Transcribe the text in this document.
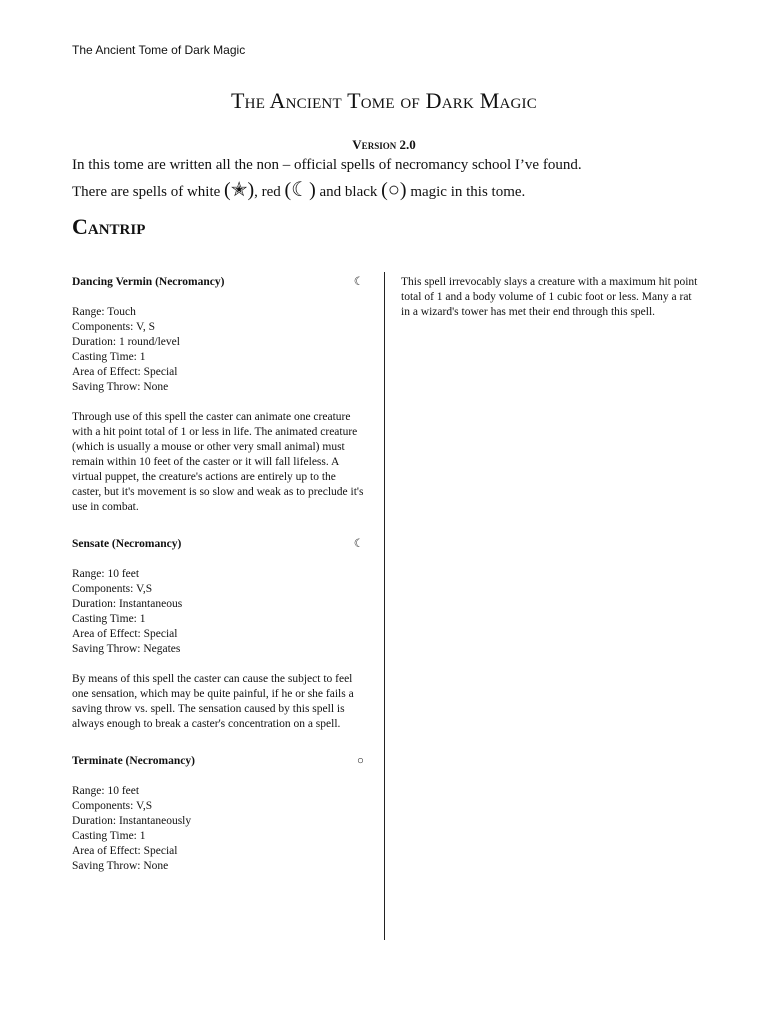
The Ancient Tome of Dark Magic
The Ancient Tome of Dark Magic
Version 2.0
In this tome are written all the non – official spells of necromancy school I’ve found.
There are spells of white (✭), red (☾) and black (○) magic in this tome.
Cantrip
Dancing Vermin (Necromancy)	☾
Range: Touch
Components: V, S
Duration: 1 round/level
Casting Time: 1
Area of Effect: Special
Saving Throw: None
Through use of this spell the caster can animate one creature with a hit point total of 1 or less in life. The animated creature (which is usually a mouse or other very small animal) must remain within 10 feet of the caster or it will fall lifeless. A virtual puppet, the creature's actions are entirely up to the caster, but it's movement is so slow and weak as to preclude it's use in combat.
Sensate (Necromancy)	☾
Range: 10 feet
Components: V,S
Duration: Instantaneous
Casting Time: 1
Area of Effect: Special
Saving Throw: Negates
By means of this spell the caster can cause the subject to feel one sensation, which may be quite painful, if he or she fails a saving throw vs. spell. The sensation caused by this spell is always enough to break a caster's concentration on a spell.
Terminate (Necromancy)	○
Range: 10 feet
Components: V,S
Duration: Instantaneously
Casting Time: 1
Area of Effect: Special
Saving Throw: None
This spell irrevocably slays a creature with a maximum hit point total of 1 and a body volume of 1 cubic foot or less. Many a rat in a wizard's tower has met their end through this spell.
